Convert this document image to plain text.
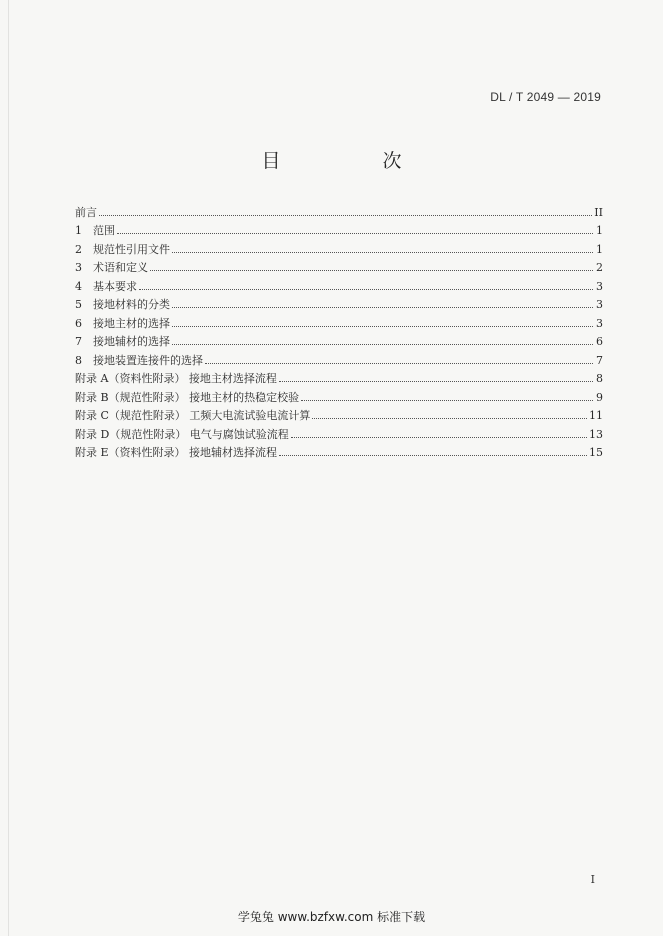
DL / T 2049 — 2019
目 次
前言	II
1	范围	1
2	规范性引用文件	1
3	术语和定义	2
4	基本要求	3
5	接地材料的分类	3
6	接地主材的选择	3
7	接地辅材的选择	6
8	接地装置连接件的选择	7
附录 A（资料性附录） 接地主材选择流程	8
附录 B（规范性附录） 接地主材的热稳定校验	9
附录 C（规范性附录） 工频大电流试验电流计算	11
附录 D（规范性附录） 电气与腐蚀试验流程	13
附录 E（资料性附录） 接地辅材选择流程	15
I
学兔兔 www.bzfxw.com 标准下载
